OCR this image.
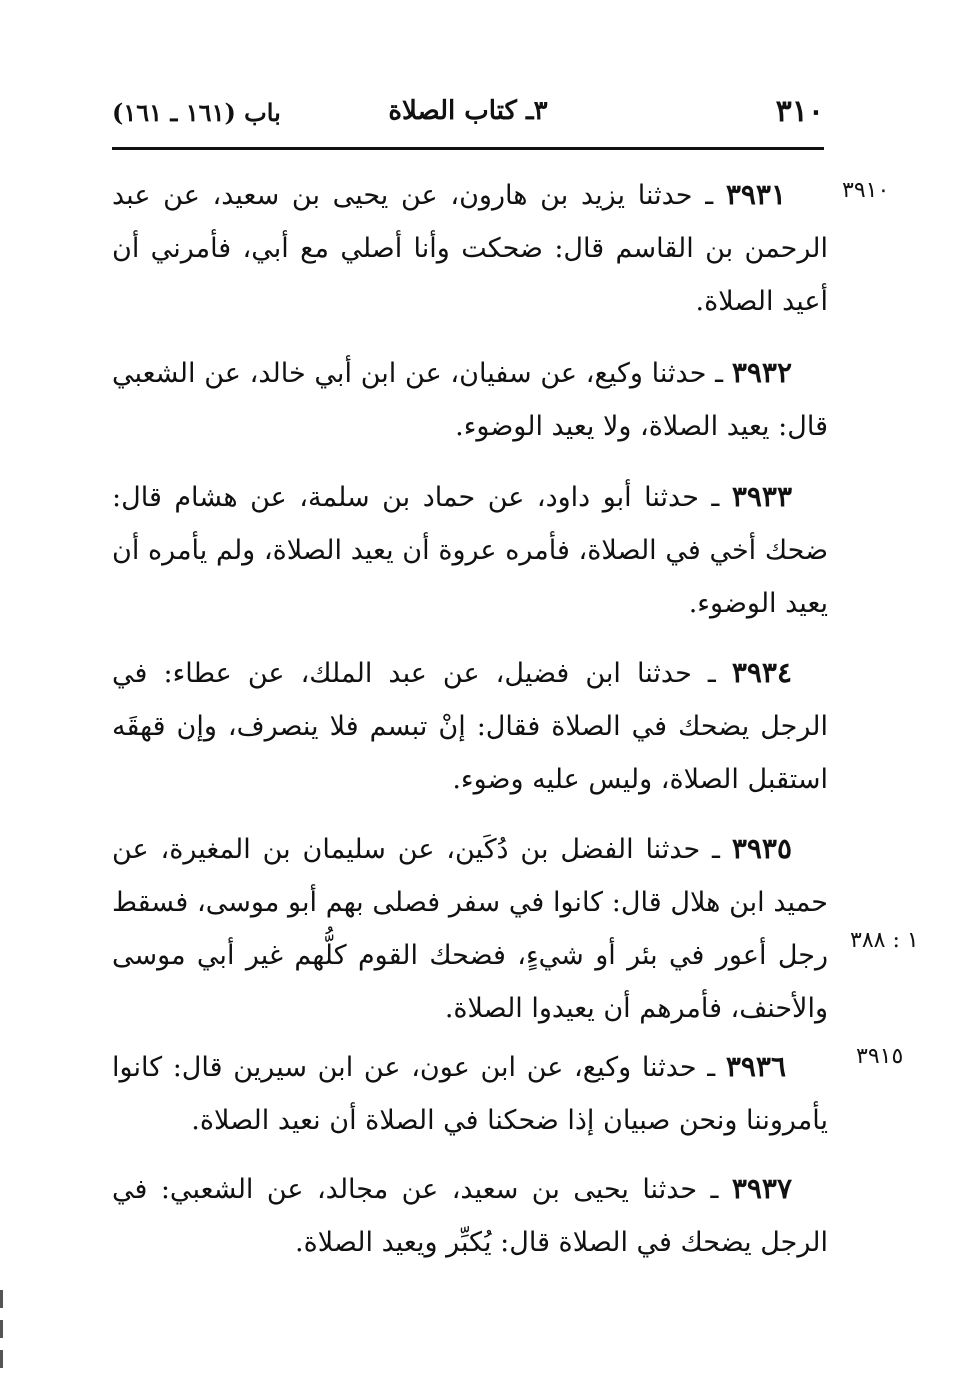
٣١٠
٣ـ كتاب الصلاة
باب (١٦١ ـ ١٦١)
٣٩١٠
١ : ٣٨٨
٣٩١٥
٣٩٣١ ـ حدثنا يزيد بن هارون، عن يحيى بن سعيد، عن عبد الرحمن بن القاسم قال: ضحكت وأنا أصلي مع أبي، فأمرني أن أعيد الصلاة.
٣٩٣٢ ـ حدثنا وكيع، عن سفيان، عن ابن أبي خالد، عن الشعبي قال: يعيد الصلاة، ولا يعيد الوضوء.
٣٩٣٣ ـ حدثنا أبو داود، عن حماد بن سلمة، عن هشام قال: ضحك أخي في الصلاة، فأمره عروة أن يعيد الصلاة، ولم يأمره أن يعيد الوضوء.
٣٩٣٤ ـ حدثنا ابن فضيل، عن عبد الملك، عن عطاء: في الرجل يضحك في الصلاة فقال: إنْ تبسم فلا ينصرف، وإن قهقَه استقبل الصلاة، وليس عليه وضوء.
٣٩٣٥ ـ حدثنا الفضل بن دُكَين، عن سليمان بن المغيرة، عن حميد ابن هلال قال: كانوا في سفر فصلى بهم أبو موسى، فسقط رجل أعور في بئر أو شيءٍ، فضحك القوم كلُّهم غير أبي موسى والأحنف، فأمرهم أن يعيدوا الصلاة.
٣٩٣٦ ـ حدثنا وكيع، عن ابن عون، عن ابن سيرين قال: كانوا يأمروننا ونحن صبيان إذا ضحكنا في الصلاة أن نعيد الصلاة.
٣٩٣٧ ـ حدثنا يحيى بن سعيد، عن مجالد، عن الشعبي: في الرجل يضحك في الصلاة قال: يُكبِّر ويعيد الصلاة.
